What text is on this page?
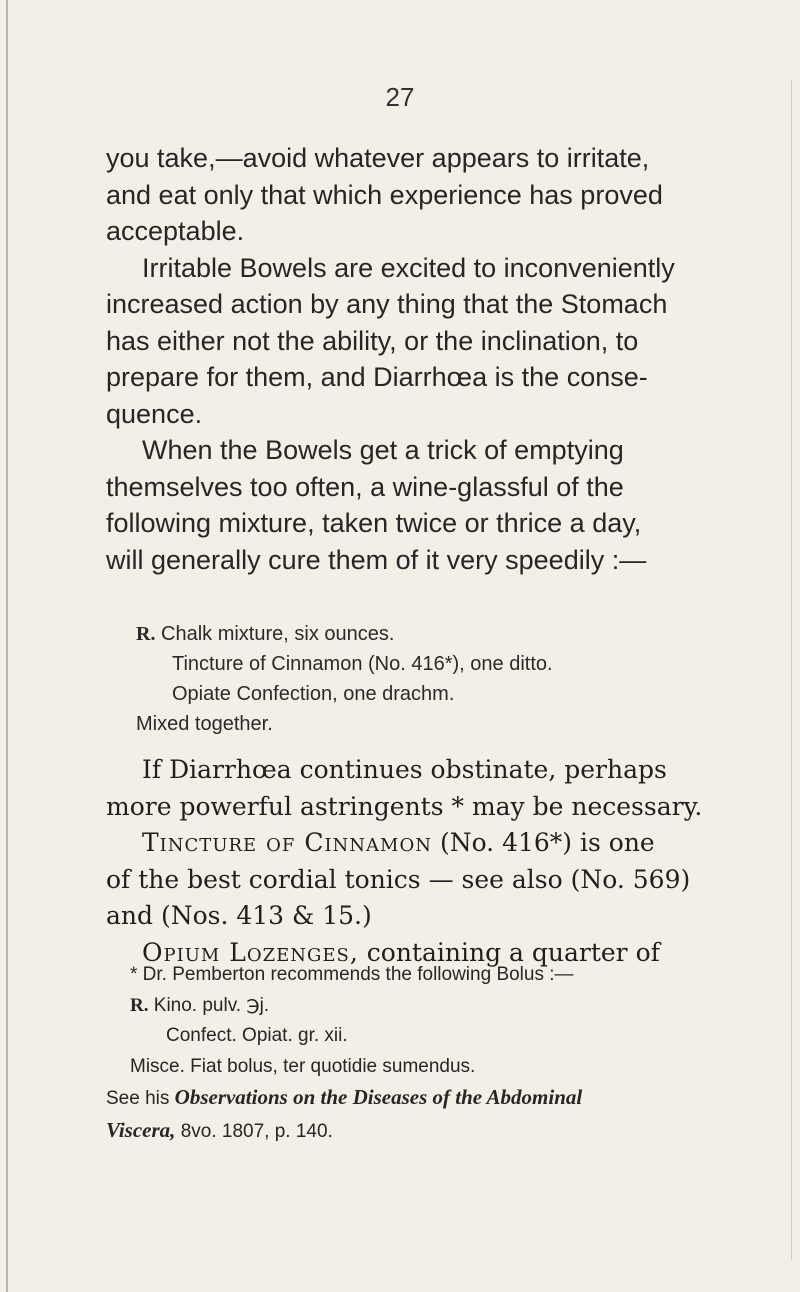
27
you take,—avoid whatever appears to irritate,
and eat only that which experience has proved
acceptable.
Irritable Bowels are excited to inconveniently
increased action by any thing that the Stomach
has either not the ability, or the inclination, to
prepare for them, and Diarrhœa is the conse-
quence.
When the Bowels get a trick of emptying
themselves too often, a wine-glassful of the
following mixture, taken twice or thrice a day,
will generally cure them of it very speedily :—
R. Chalk mixture, six ounces.
Tincture of Cinnamon (No. 416*), one ditto.
Opiate Confection, one drachm.
Mixed together.
If Diarrhœa continues obstinate, perhaps
more powerful astringents * may be necessary.
Tincture of Cinnamon (No. 416*) is one
of the best cordial tonics — see also (No. 569)
and (Nos. 413 & 15.)
Opium Lozenges, containing a quarter of
* Dr. Pemberton recommends the following Bolus :—
R. Kino. pulv. ℈j.
Confect. Opiat. gr. xii.
Misce. Fiat bolus, ter quotidie sumendus.
See his Observations on the Diseases of the Abdominal
Viscera, 8vo. 1807, p. 140.
